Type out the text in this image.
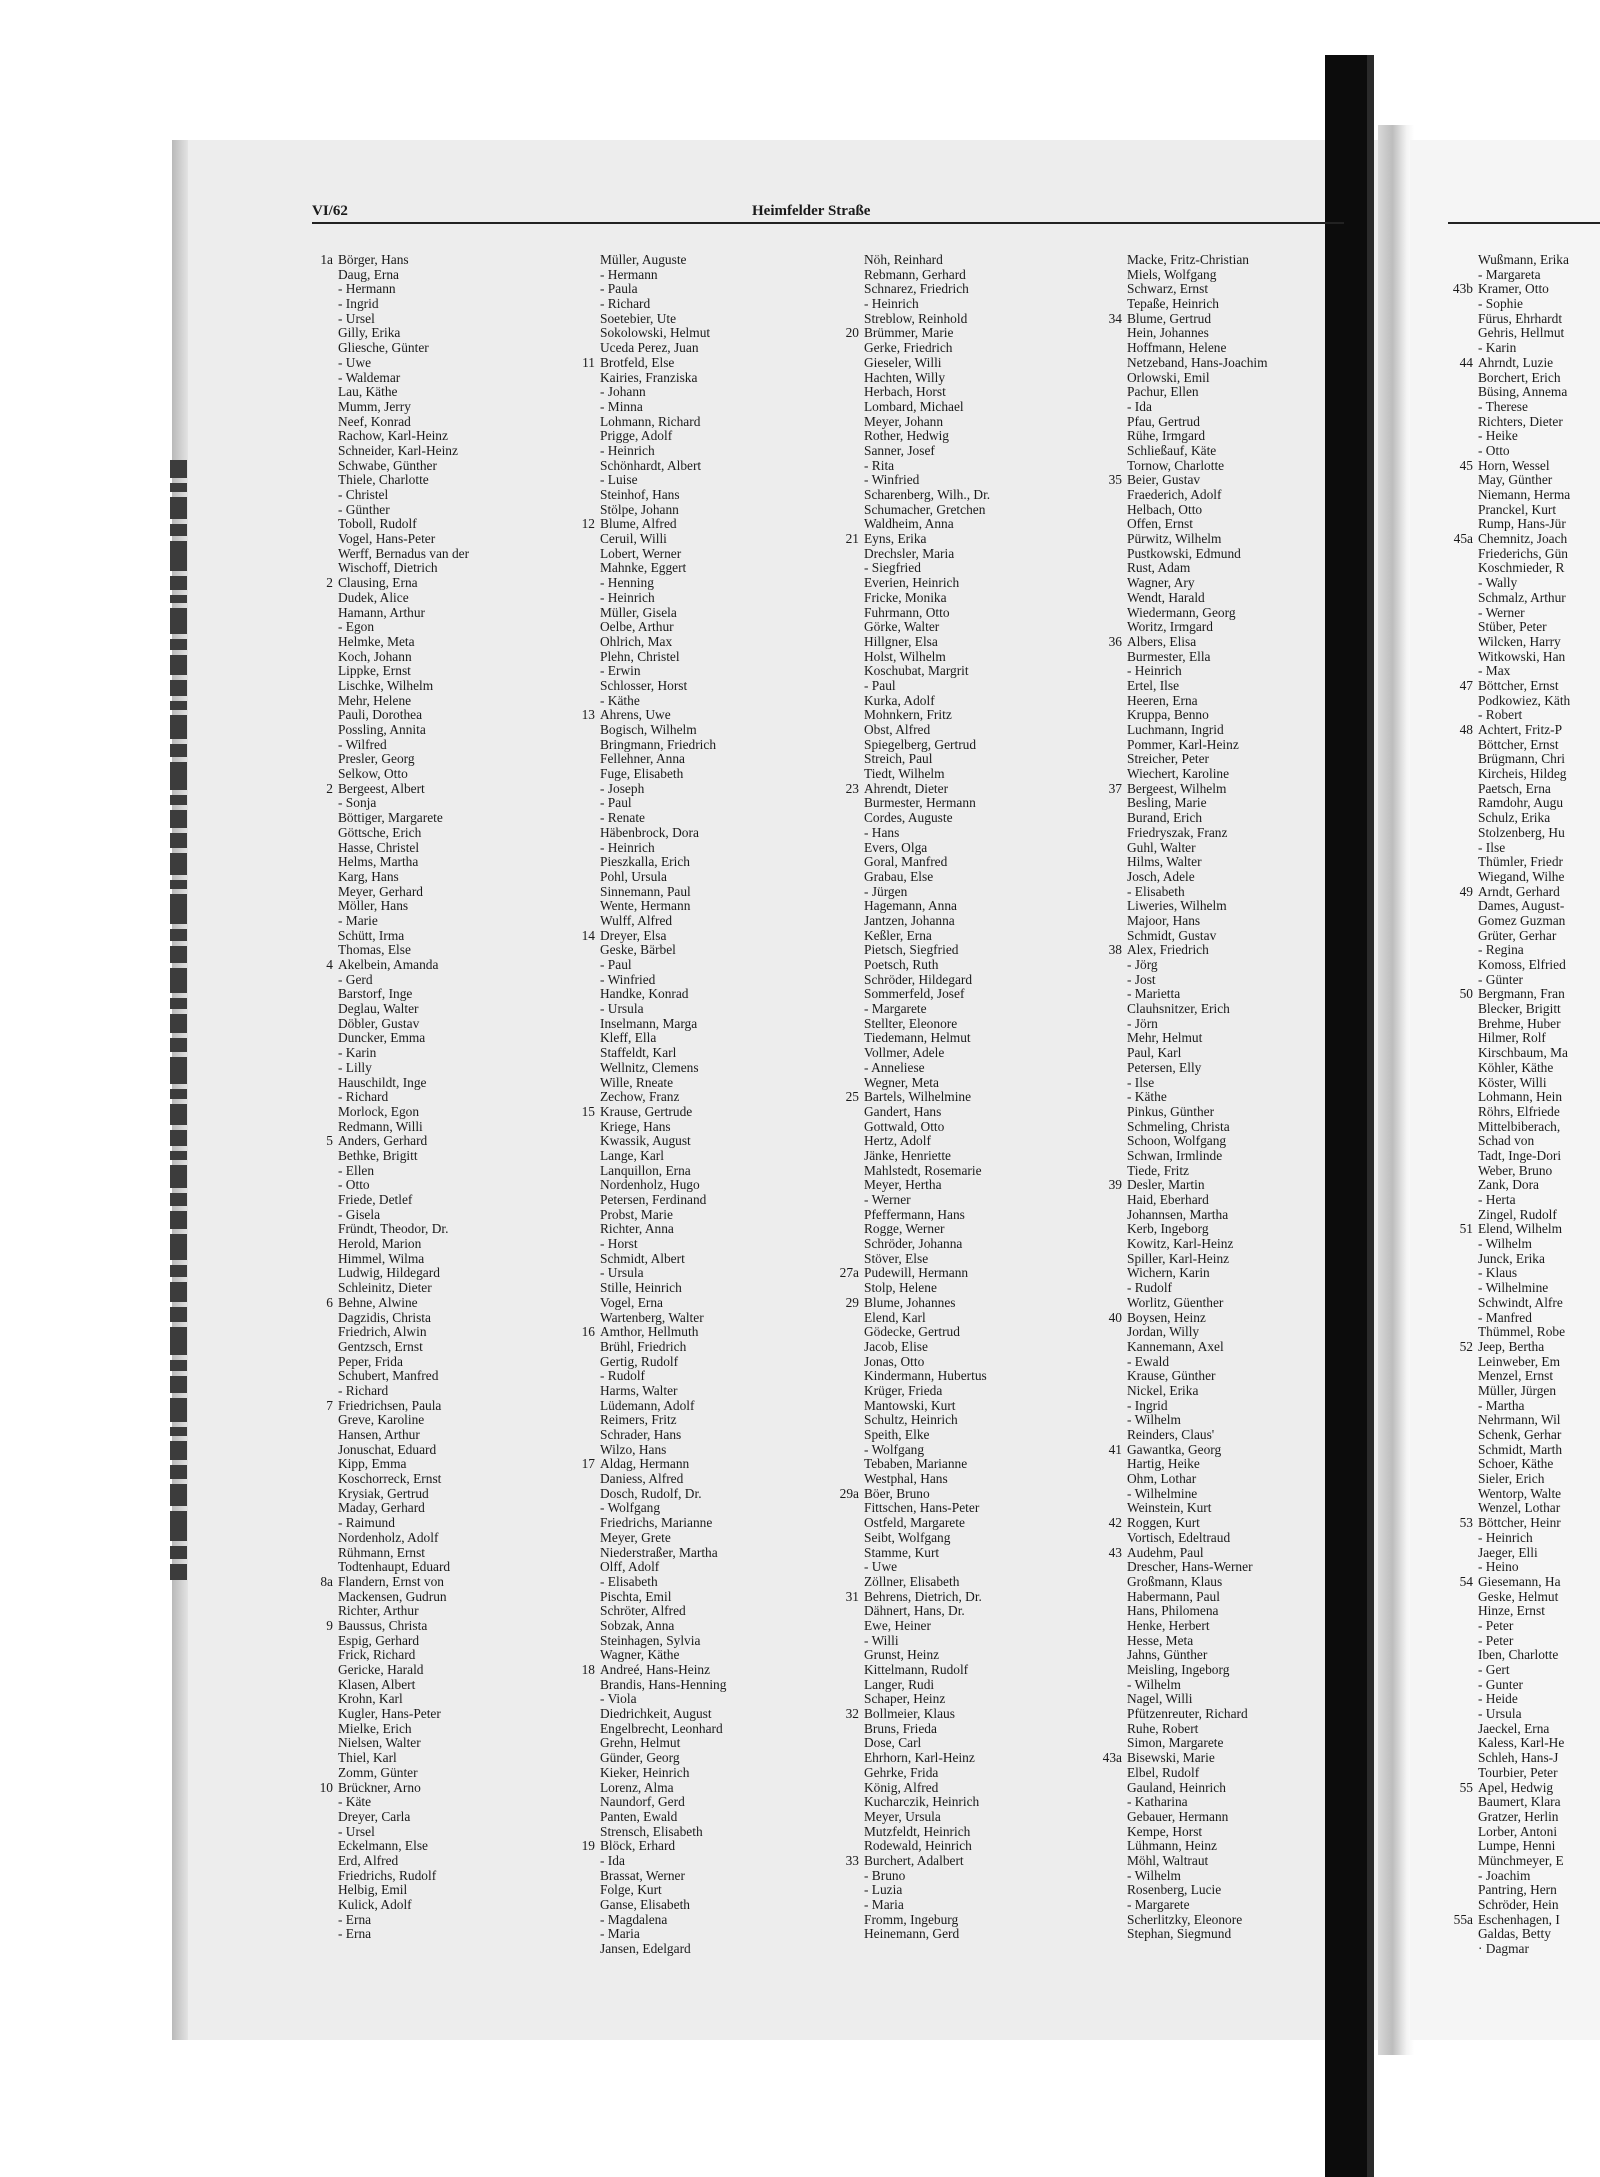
VI/62	Heimfelder Straße
1a Börger, Hans
Daug, Erna
- Hermann
- Ingrid
- Ursel
Gilly, Erika
Gliesche, Günter
- Uwe
- Waldemar
Lau, Käthe
Mumm, Jerry
Neef, Konrad
Rachow, Karl-Heinz
Schneider, Karl-Heinz
Schwabe, Günther
Thiele, Charlotte
- Christel
- Günther
Toboll, Rudolf
Vogel, Hans-Peter
Werff, Bernadus van der
Wischoff, Dietrich
2 Clausing, Erna
Dudek, Alice
Hamann, Arthur
- Egon
Helmke, Meta
Koch, Johann
Lippke, Ernst
Lischke, Wilhelm
Mehr, Helene
Pauli, Dorothea
Possling, Annita
- Wilfred
Presler, Georg
Selkow, Otto
2 Bergeest, Albert
- Sonja
Böttiger, Margarete
Göttsche, Erich
Hasse, Christel
Helms, Martha
Karg, Hans
Meyer, Gerhard
Möller, Hans
- Marie
Schütt, Irma
Thomas, Else
4 Akelbein, Amanda
- Gerd
Barstorf, Inge
Deglau, Walter
Döbler, Gustav
Duncker, Emma
- Karin
- Lilly
Hauschildt, Inge
- Richard
Morlock, Egon
Redmann, Willi
5 Anders, Gerhard
Bethke, Brigitt
- Ellen
- Otto
Friede, Detlef
- Gisela
Fründt, Theodor, Dr.
Herold, Marion
Himmel, Wilma
Ludwig, Hildegard
Schleinitz, Dieter
6 Behne, Alwine
Dagzidis, Christa
Friedrich, Alwin
Gentzsch, Ernst
Peper, Frida
Schubert, Manfred
- Richard
7 Friedrichsen, Paula
Greve, Karoline
Hansen, Arthur
Jonuschat, Eduard
Kipp, Emma
Koschorreck, Ernst
Krysiak, Gertrud
Maday, Gerhard
- Raimund
Nordenholz, Adolf
Rühmann, Ernst
Todtenhaupt, Eduard
8a Flandern, Ernst von
Mackensen, Gudrun
Richter, Arthur
9 Baussus, Christa
Espig, Gerhard
Frick, Richard
Gericke, Harald
Klasen, Albert
Krohn, Karl
Kugler, Hans-Peter
Mielke, Erich
Nielsen, Walter
Thiel, Karl
Zomm, Günter
10 Brückner, Arno
- Käte
Dreyer, Carla
- Ursel
Eckelmann, Else
Erd, Alfred
Friedrichs, Rudolf
Helbig, Emil
Kulick, Adolf
- Erna
- Erna
Müller, Auguste
- Hermann
- Paula
- Richard
Soetebier, Ute
Sokolowski, Helmut
Uceda Perez, Juan
11 Brotfeld, Else
Kairies, Franziska
- Johann
- Minna
Lohmann, Richard
Prigge, Adolf
- Heinrich
Schönhardt, Albert
- Luise
Steinhof, Hans
Stölpe, Johann
12 Blume, Alfred
Ceruil, Willi
Lobert, Werner
Mahnke, Eggert
- Henning
- Heinrich
Müller, Gisela
Oelbe, Arthur
Ohlrich, Max
Plehn, Christel
- Erwin
Schlosser, Horst
- Käthe
13 Ahrens, Uwe
Bogisch, Wilhelm
Bringmann, Friedrich
Fellehner, Anna
Fuge, Elisabeth
- Joseph
- Paul
- Renate
Häbenbrock, Dora
- Heinrich
Pieszkalla, Erich
Pohl, Ursula
Sinnemann, Paul
Wente, Hermann
Wulff, Alfred
14 Dreyer, Elsa
Geske, Bärbel
- Paul
- Winfried
Handke, Konrad
- Ursula
Inselmann, Marga
Kleff, Ella
Staffeldt, Karl
Wellnitz, Clemens
Wille, Rneate
Zechow, Franz
15 Krause, Gertrude
Kriege, Hans
Kwassik, August
Lange, Karl
Lanquillon, Erna
Nordenholz, Hugo
Petersen, Ferdinand
Probst, Marie
Richter, Anna
- Horst
Schmidt, Albert
- Ursula
Stille, Heinrich
Vogel, Erna
Wartenberg, Walter
16 Amthor, Hellmuth
Brühl, Friedrich
Gertig, Rudolf
- Rudolf
Harms, Walter
Lüdemann, Adolf
Reimers, Fritz
Schrader, Hans
Wilzo, Hans
17 Aldag, Hermann
Daniess, Alfred
Dosch, Rudolf, Dr.
- Wolfgang
Friedrichs, Marianne
Meyer, Grete
Niederstraßer, Martha
Olff, Adolf
- Elisabeth
Pischta, Emil
Schröter, Alfred
Sobzak, Anna
Steinhagen, Sylvia
Wagner, Käthe
18 Andreé, Hans-Heinz
Brandis, Hans-Henning
- Viola
Diedrichkeit, August
Engelbrecht, Leonhard
Grehn, Helmut
Günder, Georg
Kieker, Heinrich
Lorenz, Alma
Naundorf, Gerd
Panten, Ewald
Strensch, Elisabeth
19 Blöck, Erhard
- Ida
Brassat, Werner
Folge, Kurt
Ganse, Elisabeth
- Magdalena
- Maria
Jansen, Edelgard
Nöh, Reinhard
Rebmann, Gerhard
Schnarez, Friedrich
- Heinrich
Streblow, Reinhold
20 Brümmer, Marie
Gerke, Friedrich
Gieseler, Willi
Hachten, Willy
Herbach, Horst
Lombard, Michael
Meyer, Johann
Rother, Hedwig
Sanner, Josef
- Rita
- Winfried
Scharenberg, Wilh., Dr.
Schumacher, Gretchen
Waldheim, Anna
21 Eyns, Erika
Drechsler, Maria
- Siegfried
Everien, Heinrich
Fricke, Monika
Fuhrmann, Otto
Görke, Walter
Hillgner, Elsa
Holst, Wilhelm
Koschubat, Margrit
- Paul
Kurka, Adolf
Mohnkern, Fritz
Obst, Alfred
Spiegelberg, Gertrud
Streich, Paul
Tiedt, Wilhelm
23 Ahrendt, Dieter
Burmester, Hermann
Cordes, Auguste
- Hans
Evers, Olga
Goral, Manfred
Grabau, Else
- Jürgen
Hagemann, Anna
Jantzen, Johanna
Keßler, Erna
Pietsch, Siegfried
Poetsch, Ruth
Schröder, Hildegard
Sommerfeld, Josef
- Margarete
Stellter, Eleonore
Tiedemann, Helmut
Vollmer, Adele
- Anneliese
Wegner, Meta
25 Bartels, Wilhelmine
Gandert, Hans
Gottwald, Otto
Hertz, Adolf
Jänke, Henriette
Mahlstedt, Rosemarie
Meyer, Hertha
- Werner
Pfeffermann, Hans
Rogge, Werner
Schröder, Johanna
Stöver, Else
27a Pudewill, Hermann
Stolp, Helene
29 Blume, Johannes
Elend, Karl
Gödecke, Gertrud
Jacob, Elise
Jonas, Otto
Kindermann, Hubertus
Krüger, Frieda
Mantowski, Kurt
Schultz, Heinrich
Speith, Elke
- Wolfgang
Tebaben, Marianne
Westphal, Hans
29a Böer, Bruno
Fittschen, Hans-Peter
Ostfeld, Margarete
Seibt, Wolfgang
Stamme, Kurt
- Uwe
Zöllner, Elisabeth
31 Behrens, Dietrich, Dr.
Dähnert, Hans, Dr.
Ewe, Heiner
- Willi
Grunst, Heinz
Kittelmann, Rudolf
Langer, Rudi
Schaper, Heinz
32 Bollmeier, Klaus
Bruns, Frieda
Dose, Carl
Ehrhorn, Karl-Heinz
Gehrke, Frida
König, Alfred
Kucharczik, Heinrich
Meyer, Ursula
Mutzfeldt, Heinrich
Rodewald, Heinrich
33 Burchert, Adalbert
- Bruno
- Luzia
- Maria
Fromm, Ingeburg
Heinemann, Gerd
Macke, Fritz-Christian
Miels, Wolfgang
Schwarz, Ernst
Tepaße, Heinrich
34 Blume, Gertrud
Hein, Johannes
Hoffmann, Helene
Netzeband, Hans-Joachim
Orlowski, Emil
Pachur, Ellen
- Ida
Pfau, Gertrud
Rühe, Irmgard
Schließauf, Käte
Tornow, Charlotte
35 Beier, Gustav
Fraederich, Adolf
Helbach, Otto
Offen, Ernst
Pürwitz, Wilhelm
Pustkowski, Edmund
Rust, Adam
Wagner, Ary
Wendt, Harald
Wiedermann, Georg
Woritz, Irmgard
36 Albers, Elisa
Burmester, Ella
- Heinrich
Ertel, Ilse
Heeren, Erna
Kruppa, Benno
Luchmann, Ingrid
Pommer, Karl-Heinz
Streicher, Peter
Wiechert, Karoline
37 Bergeest, Wilhelm
Besling, Marie
Burand, Erich
Friedryszak, Franz
Guhl, Walter
Hilms, Walter
Josch, Adele
- Elisabeth
Liweries, Wilhelm
Majoor, Hans
Schmidt, Gustav
38 Alex, Friedrich
- Jörg
- Jost
- Marietta
Clauhsnitzer, Erich
- Jörn
Mehr, Helmut
Paul, Karl
Petersen, Elly
- Ilse
- Käthe
Pinkus, Günther
Schmeling, Christa
Schoon, Wolfgang
Schwan, Irmlinde
Tiede, Fritz
39 Desler, Martin
Haid, Eberhard
Johannsen, Martha
Kerb, Ingeborg
Kowitz, Karl-Heinz
Spiller, Karl-Heinz
Wichern, Karin
- Rudolf
Worlitz, Güenther
40 Boysen, Heinz
Jordan, Willy
Kannemann, Axel
- Ewald
Krause, Günther
Nickel, Erika
- Ingrid
- Wilhelm
Reinders, Claus'
41 Gawantka, Georg
Hartig, Heike
Ohm, Lothar
- Wilhelmine
Weinstein, Kurt
42 Roggen, Kurt
Vortisch, Edeltraud
43 Audehm, Paul
Drescher, Hans-Werner
Großmann, Klaus
Habermann, Paul
Hans, Philomena
Henke, Herbert
Hesse, Meta
Jahns, Günther
Meisling, Ingeborg
- Wilhelm
Nagel, Willi
Pfützenreuter, Richard
Ruhe, Robert
Simon, Margarete
43a Bisewski, Marie
Elbel, Rudolf
Gauland, Heinrich
- Katharina
Gebauer, Hermann
Kempe, Horst
Lühmann, Heinz
Möhl, Waltraut
- Wilhelm
Rosenberg, Lucie
- Margarete
Scherlitzky, Eleonore
Stephan, Siegmund
Wußmann, Erika
- Margareta
43b Kramer, Otto
- Sophie
Fürus, Ehrhardt
Gehris, Hellmut
- Karin
44 Ahrndt, Luzie
Borchert, Erich
Büsing, Annema
- Therese
Richters, Dieter
- Heike
- Otto
45 Horn, Wessel
May, Günther
Niemann, Herma
Pranckel, Kurt
Rump, Hans-Jür
45a Chemnitz, Joach
Friederichs, Gün
Koschmieder, R
- Wally
Schmalz, Arthur
- Werner
Stüber, Peter
Wilcken, Harry
Witkowski, Han
- Max
47 Böttcher, Ernst
Podkowiez, Käth
- Robert
48 Achtert, Fritz-P
Böttcher, Ernst
Brügmann, Chri
Kircheis, Hildeg
Paetsch, Erna
Ramdohr, Augu
Schulz, Erika
Stolzenberg, Hu
- Ilse
Thümler, Friedr
Wiegand, Wilhe
49 Arndt, Gerhard
Dames, August-
Gomez Guzman
Grüter, Gerhar
- Regina
Komoss, Elfried
- Günter
50 Bergmann, Fran
Blecker, Brigitt
Brehme, Huber
Hilmer, Rolf
Kirschbaum, Ma
Köhler, Käthe
Köster, Willi
Lohmann, Hein
Röhrs, Elfriede
Mittelbiberach,
Schad von
Tadt, Inge-Dori
Weber, Bruno
Zank, Dora
- Herta
Zingel, Rudolf
51 Elend, Wilhelm
- Wilhelm
Junck, Erika
- Klaus
- Wilhelmine
Schwindt, Alfre
- Manfred
Thümmel, Robe
52 Jeep, Bertha
Leinweber, Em
Menzel, Ernst
Müller, Jürgen
- Martha
Nehrmann, Wil
Schenk, Gerhar
Schmidt, Marth
Schoer, Käthe
Sieler, Erich
Wentorp, Walte
Wenzel, Lothar
53 Böttcher, Heinr
- Heinrich
Jaeger, Elli
- Heino
54 Giesemann, Ha
Geske, Helmut
Hinze, Ernst
- Peter
- Peter
Iben, Charlotte
- Gert
- Gunter
- Heide
- Ursula
Jaeckel, Erna
Kaless, Karl-He
Schleh, Hans-J
Tourbier, Peter
55 Apel, Hedwig
Baumert, Klara
Gratzer, Herlin
Lorber, Antoni
Lumpe, Henni
Münchmeyer, E
- Joachim
Pantring, Hern
Schröder, Hein
55a Eschenhagen, I
Galdas, Betty
· Dagmar
